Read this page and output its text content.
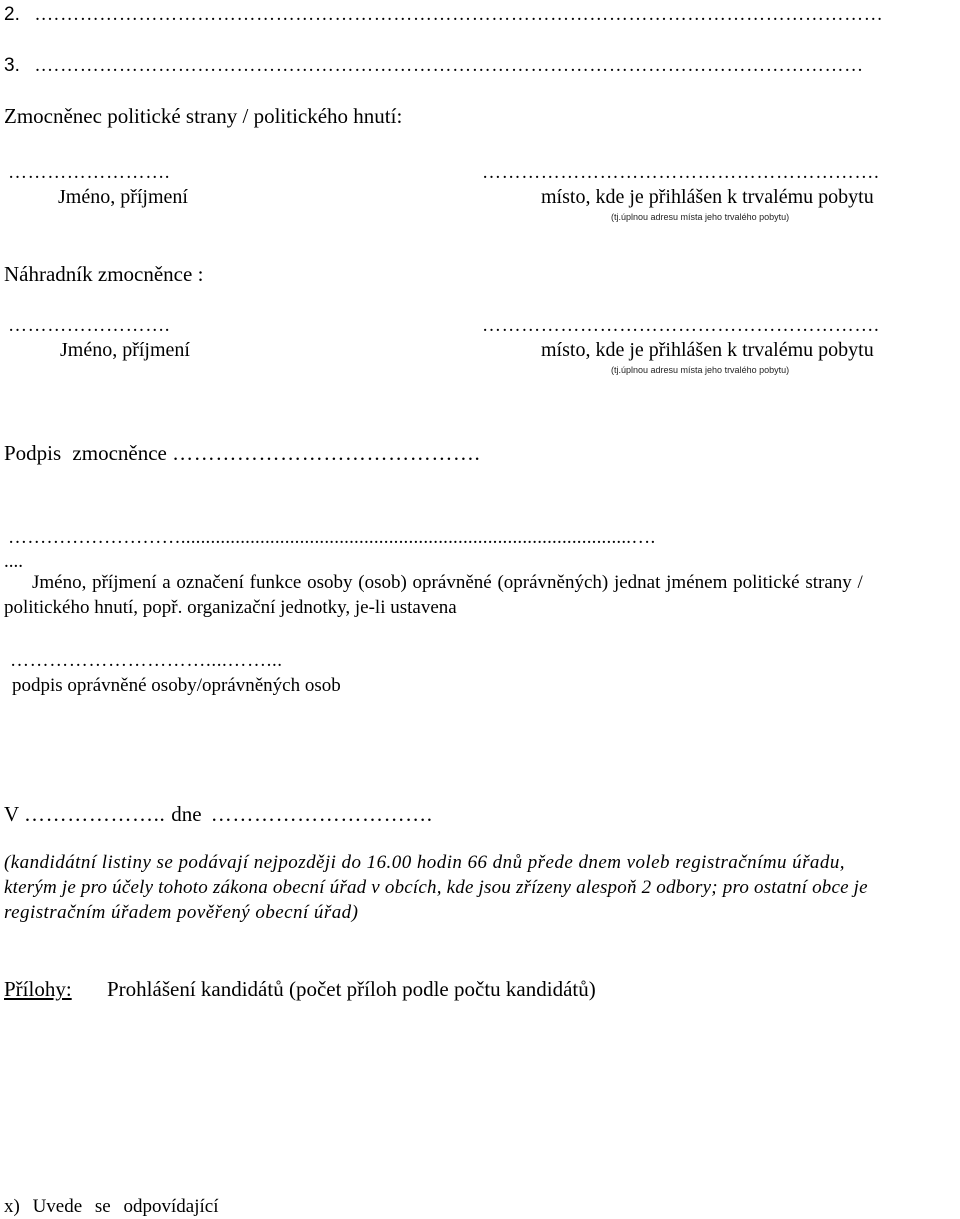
2. .…………………………………………………………………………………………………………………
3. .………………………………………………………………………………………………………………
Zmocněnec politické strany / politického hnutí:
…………………….
Jméno, příjmení
…………………………………………………….
místo, kde je přihlášen k trvalému pobytu
(tj.úplnou adresu místa jeho trvalého pobytu)
Náhradník zmocněnce :
…………………….
Jméno, příjmení
…………………………………………………….
místo, kde je přihlášen k trvalému pobytu
(tj.úplnou adresu místa jeho trvalého pobytu)
Podpis zmocněnce …………………………………….
………………………...........................................................................................….
....
Jméno, příjmení a označení funkce osoby (osob) oprávněné (oprávněných) jednat jménem politické strany /
politického hnutí, popř. organizační jednotky, je-li ustavena
…………………………....……...
podpis oprávněné osoby/oprávněných osob
V ……………….. dne ………………………….
(kandidátní listiny se podávají nejpozději do 16.00 hodin 66 dnů přede dnem voleb registračnímu úřadu,
kterým je pro účely tohoto zákona obecní úřad v obcích, kde jsou zřízeny alespoň 2 odbory; pro ostatní obce je
registračním úřadem pověřený obecní úřad)
Přílohy: Prohlášení kandidátů (počet příloh podle počtu kandidátů)
x) Uvede se odpovídající
